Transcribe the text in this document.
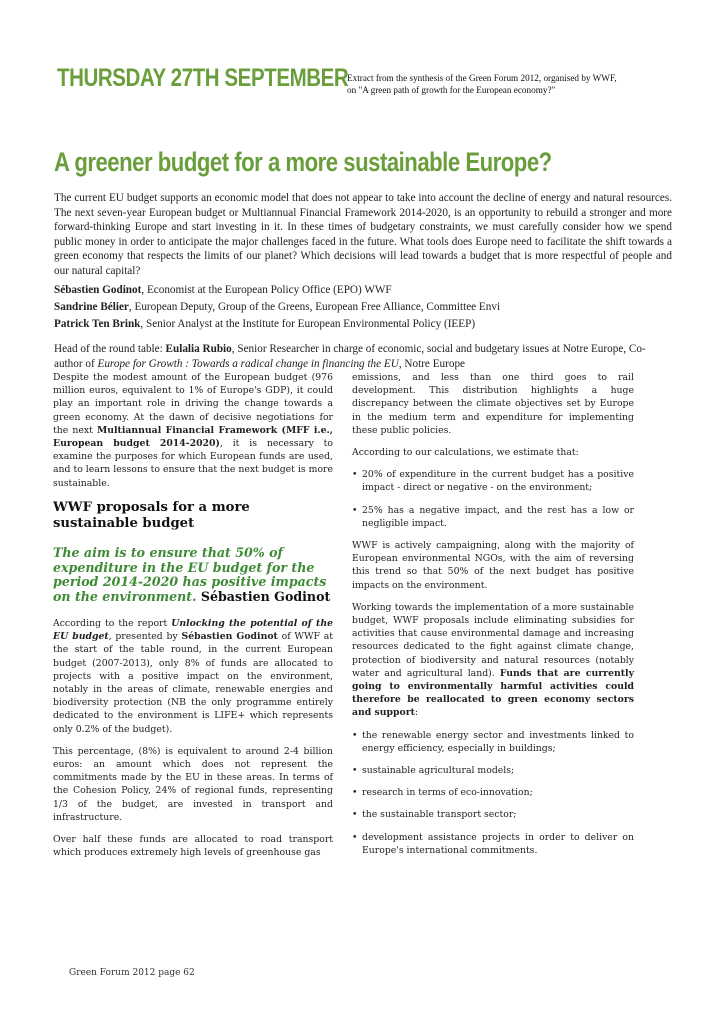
THURSDAY 27TH SEPTEMBER
Extract from the synthesis of the Green Forum 2012, organised by WWF,
on "A green path of growth for the European economy?"
A greener budget for a more sustainable Europe?
The current EU budget supports an economic model that does not appear to take into account the decline of energy and natural resources. The next seven-year European budget or Multiannual Financial Framework 2014-2020, is an opportunity to rebuild a stronger and more forward-thinking Europe and start investing in it. In these times of budgetary constraints, we must carefully consider how we spend public money in order to anticipate the major challenges faced in the future. What tools does Europe need to facilitate the shift towards a green economy that respects the limits of our planet? Which decisions will lead towards a budget that is more respectful of people and our natural capital?
Sébastien Godinot, Economist at the European Policy Office (EPO) WWF
Sandrine Bélier, European Deputy, Group of the Greens, European Free Alliance, Committee Envi
Patrick Ten Brink, Senior Analyst at the Institute for European Environmental Policy (IEEP)
Head of the round table: Eulalia Rubio, Senior Researcher in charge of economic, social and budgetary issues at Notre Europe, Co-author of Europe for Growth : Towards a radical change in financing the EU, Notre Europe

Despite the modest amount of the European budget (976 million euros, equivalent to 1% of Europe's GDP), it could play an important role in driving the change towards a green economy. At the dawn of decisive negotiations for the next Multiannual Financial Framework (MFF i.e., European budget 2014-2020), it is necessary to examine the purposes for which European funds are used, and to learn lessons to ensure that the next budget is more sustainable.

WWF proposals for a more sustainable budget
The aim is to ensure that 50% of expenditure in the EU budget for the period 2014-2020 has positive impacts on the environment. Sébastien Godinot

According to the report Unlocking the potential of the EU budget, presented by Sébastien Godinot of WWF at the start of the table round, in the current European budget (2007-2013), only 8% of funds are allocated to projects with a positive impact on the environment, notably in the areas of climate, renewable energies and biodiversity protection (NB the only programme entirely dedicated to the environment is LIFE+ which represents only 0.2% of the budget).

This percentage, (8%) is equivalent to around 2-4 billion euros: an amount which does not represent the commitments made by the EU in these areas. In terms of the Cohesion Policy, 24% of regional funds, representing 1/3 of the budget, are invested in transport and infrastructure.

Over half these funds are allocated to road transport which produces extremely high levels of greenhouse gas

emissions, and less than one third goes to rail development. This distribution highlights a huge discrepancy between the climate objectives set by Europe in the medium term and expenditure for implementing these public policies.

According to our calculations, we estimate that:

• 20% of expenditure in the current budget has a positive impact - direct or negative - on the environment;
• 25% has a negative impact, and the rest has a low or negligible impact.

WWF is actively campaigning, along with the majority of European environmental NGOs, with the aim of reversing this trend so that 50% of the next budget has positive impacts on the environment.

Working towards the implementation of a more sustainable budget, WWF proposals include eliminating subsidies for activities that cause environmental damage and increasing resources dedicated to the fight against climate change, protection of biodiversity and natural resources (notably water and agricultural land). Funds that are currently going to environmentally harmful activities could therefore be reallocated to green economy sectors and support:

• the renewable energy sector and investments linked to energy efficiency, especially in buildings;
• sustainable agricultural models;
• research in terms of eco-innovation;
• the sustainable transport sector;
• development assistance projects in order to deliver on Europe's international commitments.
Green Forum 2012 page 62
